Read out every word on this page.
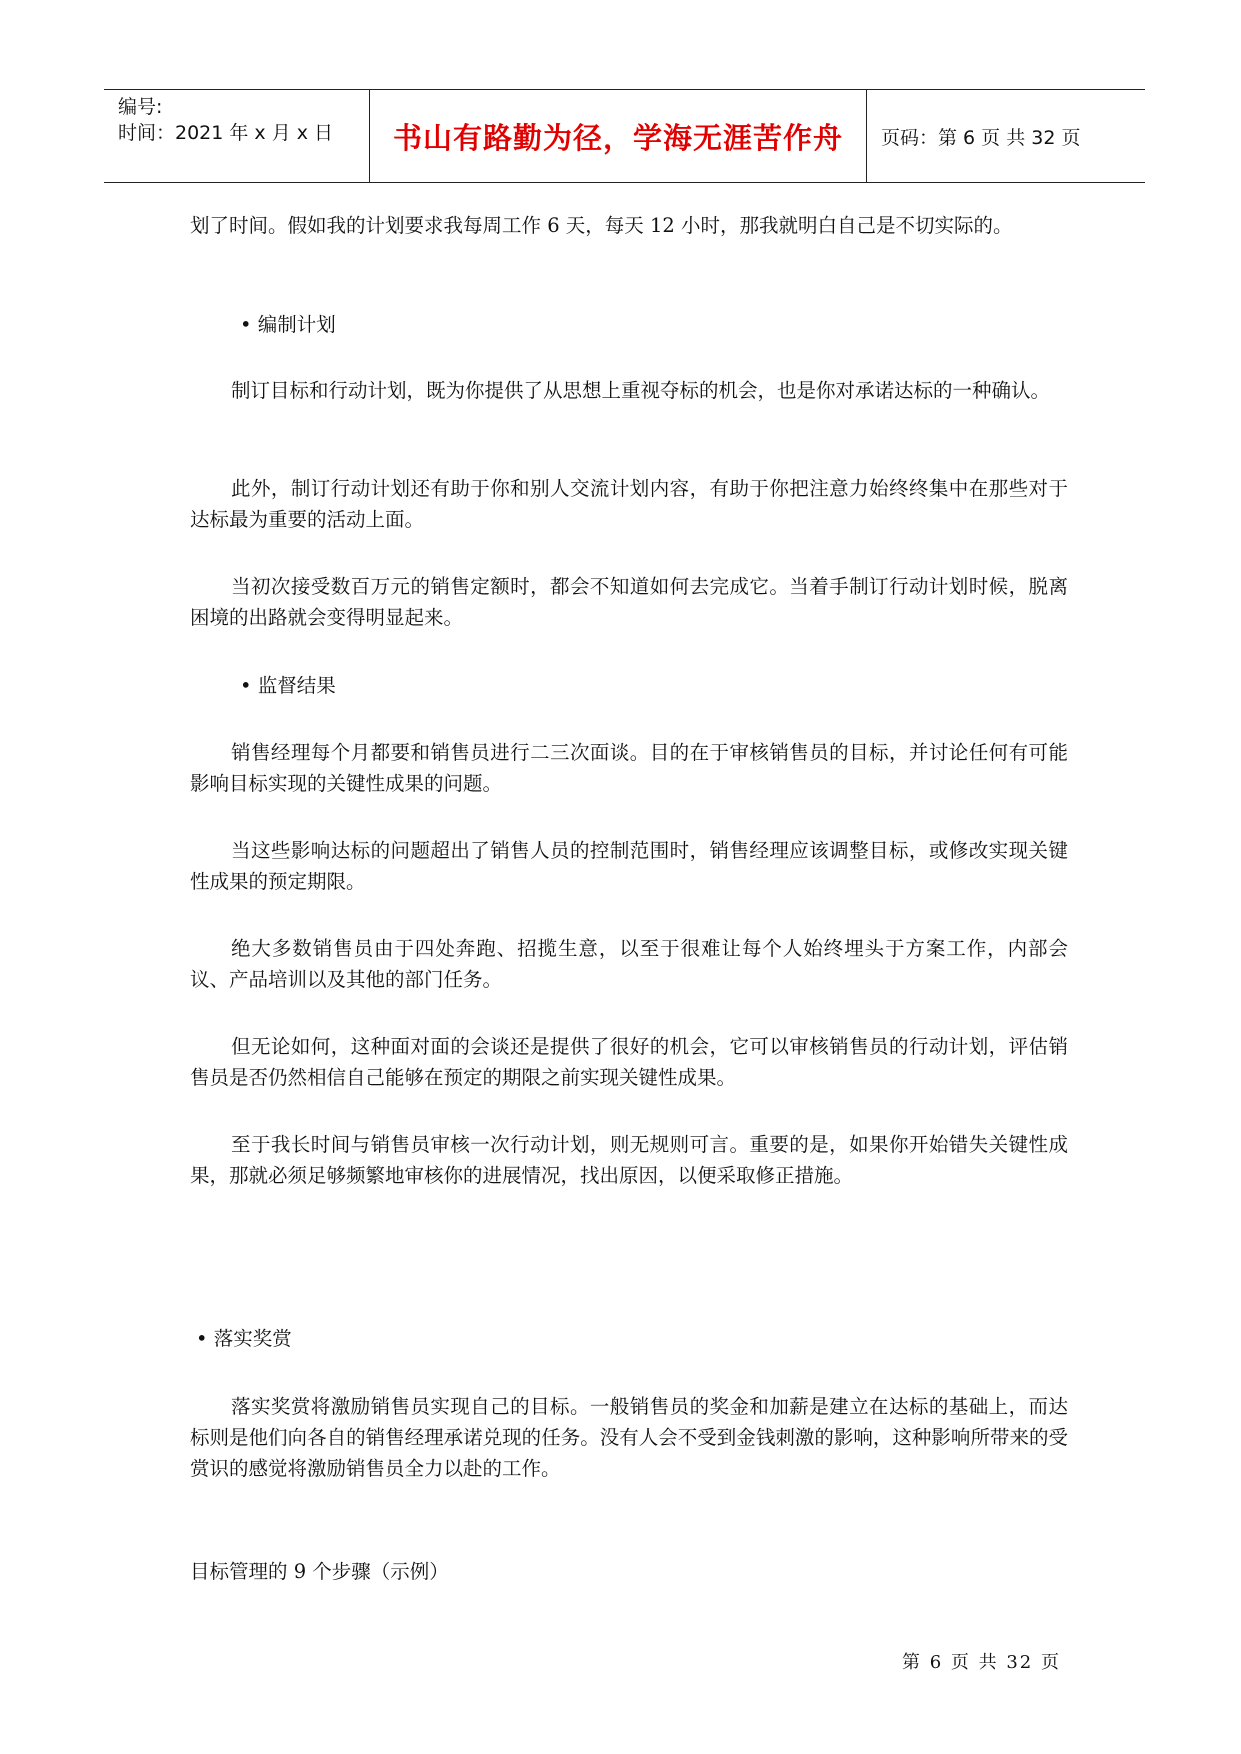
编号:
时间：2021 年 x 月 x 日	书山有路勤为径，学海无涯苦作舟 页码：第 6 页 共 32 页

划了时间。假如我的计划要求我每周工作 6 天，每天 12 小时，那我就明白自己是不切实际的。

• 编制计划

制订目标和行动计划，既为你提供了从思想上重视夺标的机会，也是你对承诺达标的一种确认。

此外，制订行动计划还有助于你和别人交流计划内容，有助于你把注意力始终终集中在那些对于达标最为重要的活动上面。

当初次接受数百万元的销售定额时，都会不知道如何去完成它。当着手制订行动计划时候，脱离困境的出路就会变得明显起来。

• 监督结果

销售经理每个月都要和销售员进行二三次面谈。目的在于审核销售员的目标，并讨论任何有可能影响目标实现的关键性成果的问题。

当这些影响达标的问题超出了销售人员的控制范围时，销售经理应该调整目标，或修改实现关键性成果的预定期限。

绝大多数销售员由于四处奔跑、招揽生意，以至于很难让每个人始终埋头于方案工作，内部会议、产品培训以及其他的部门任务。

但无论如何，这种面对面的会谈还是提供了很好的机会，它可以审核销售员的行动计划，评估销售员是否仍然相信自己能够在预定的期限之前实现关键性成果。

至于我长时间与销售员审核一次行动计划，则无规则可言。重要的是，如果你开始错失关键性成果，那就必须足够频繁地审核你的进展情况，找出原因，以便采取修正措施。

• 落实奖赏

落实奖赏将激励销售员实现自己的目标。一般销售员的奖金和加薪是建立在达标的基础上，而达标则是他们向各自的销售经理承诺兑现的任务。没有人会不受到金钱刺激的影响，这种影响所带来的受赏识的感觉将激励销售员全力以赴的工作。

目标管理的 9 个步骤（示例）

第 6 页 共 32 页
